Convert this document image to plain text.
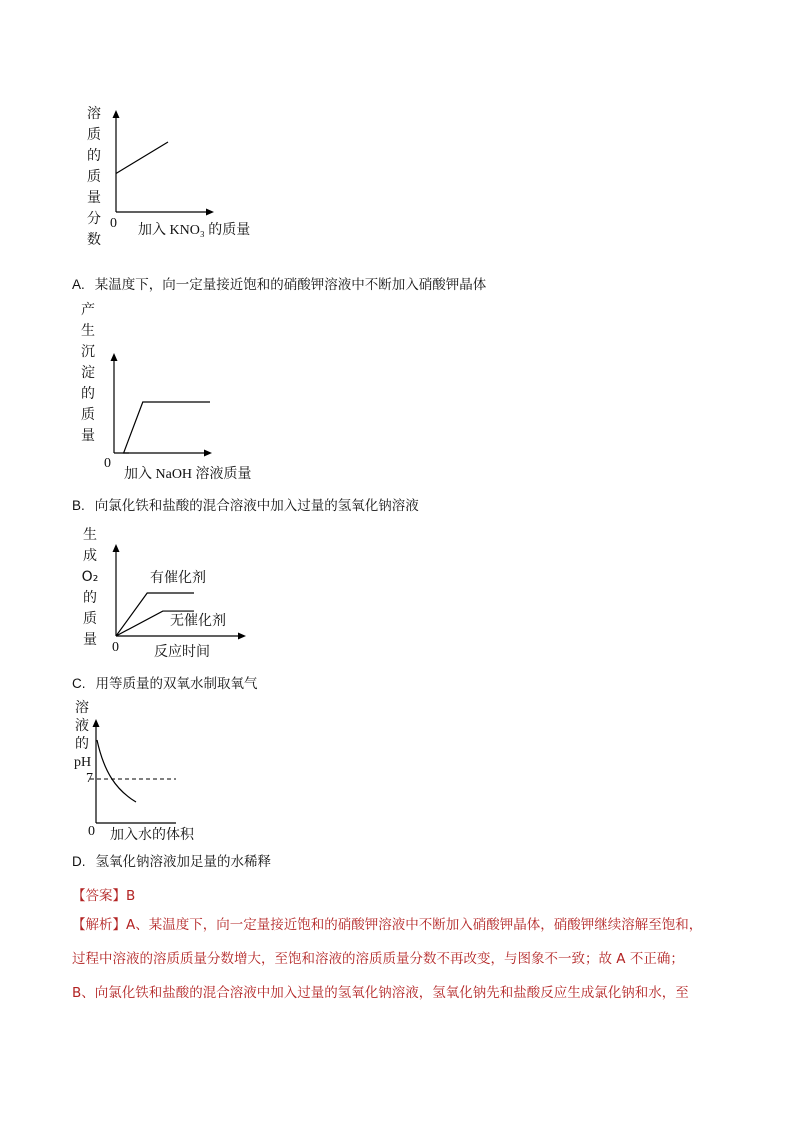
溶
质
的
质
量
分
数
0 加入 KNO₃ 的质量
A. 某温度下，向一定量接近饱和的硝酸钾溶液中不断加入硝酸钾晶体
产
生
沉
淀
的
质
量
0
加入 NaOH 溶液质量
B. 向氯化铁和盐酸的混合溶液中加入过量的氢氧化钠溶液
生
成
O₂
的
质
量
有催化剂
无催化剂
0	反应时间
C. 用等质量的双氧水制取氧气
溶
液
的
pH
7
0 加入水的体积
D. 氢氧化钠溶液加足量的水稀释
【答案】B

【解析】A、某温度下，向一定量接近饱和的硝酸钾溶液中不断加入硝酸钾晶体，硝酸钾继续溶解至饱和，

过程中溶液的溶质质量分数增大，至饱和溶液的溶质质量分数不再改变，与图象不一致；故 A 不正确；

B、向氯化铁和盐酸的混合溶液中加入过量的氢氧化钠溶液，氢氧化钠先和盐酸反应生成氯化钠和水，至
